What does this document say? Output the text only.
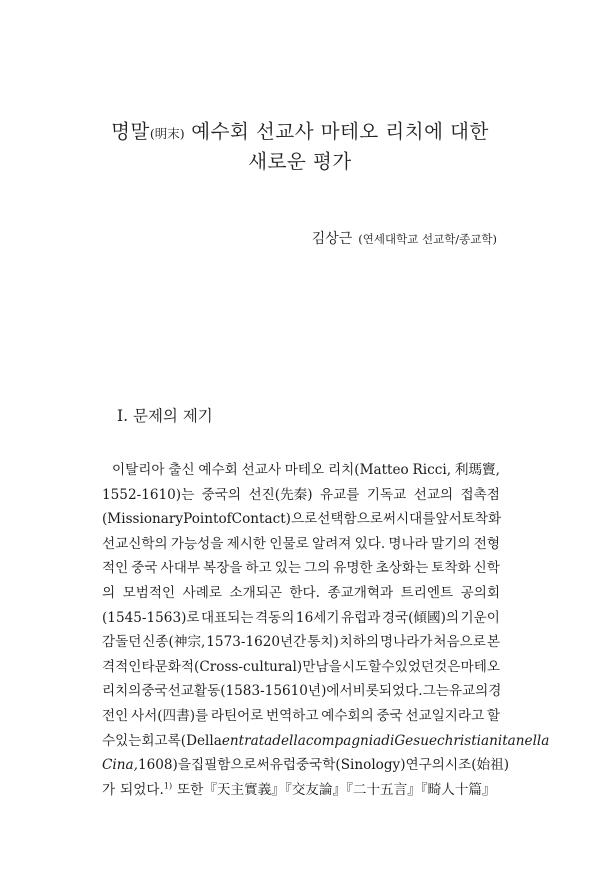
명말(明末) 예수회 선교사 마테오 리치에 대한
새로운 평가
김상근 (연세대학교 선교학/종교학)
I. 문제의 제기
이탈리아 출신 예수회 선교사 마테오 리치(Matteo Ricci, 利瑪竇,
1552-1610)는 중국의 선진(先秦) 유교를 기독교 선교의 접촉점
(Missionary Point of Contact)으로 선택함으로써 시대를 앞서 토착화
선교신학의 가능성을 제시한 인물로 알려져 있다. 명나라 말기의 전형
적인 중국 사대부 복장을 하고 있는 그의 유명한 초상화는 토착화 신학
의 모범적인 사례로 소개되곤 한다. 종교개혁과 트리엔트 공의회
(1545-1563)로 대표되는 격동의 16세기 유럽과 경국(傾國)의 기운이
감돌던 신종(神宗, 1573-1620년간 통치) 치하의 명나라가 처음으로 본
격적인 타문화적(Cross-cultural) 만남을 시도할 수 있었던 것은 마테오
리치의 중국 선교활동(1583-15610년)에서 비롯되었다. 그는 유교의 경
전인 사서(四書)를 라틴어로 번역하고 예수회의 중국 선교일지라고 할
수 있는 회고록(Della entrata della compagnia di Gesu e christianita nella
Cina, 1608)을 집필함으로써 유럽 중국학(Sinology) 연구의 시조(始祖)
가 되었다.$^{1)}$ 또한『天主實義』『交友論』『二十五言』『畸人十篇』
